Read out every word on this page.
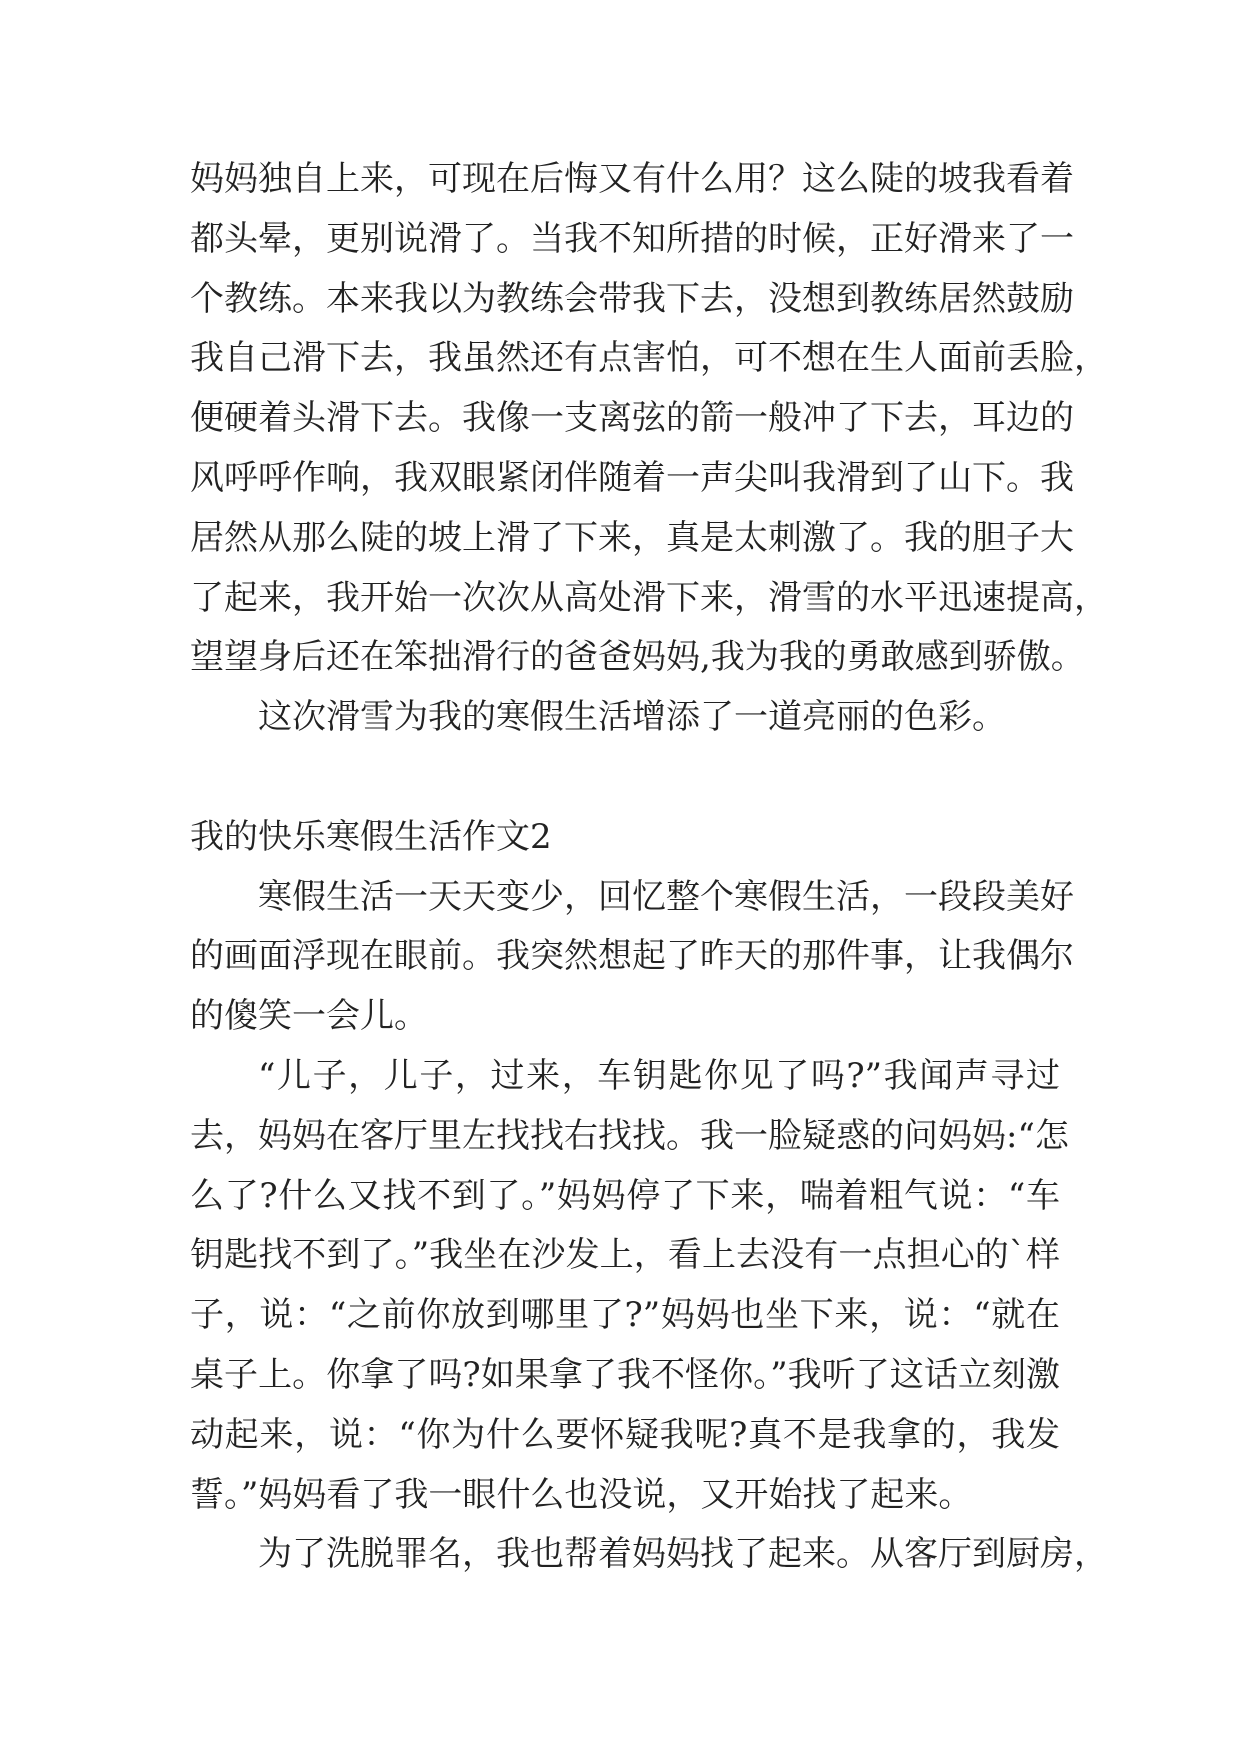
妈妈独自上来，可现在后悔又有什么用？这么陡的坡我看着
都头晕，更别说滑了。当我不知所措的时候，正好滑来了一
个教练。本来我以为教练会带我下去，没想到教练居然鼓励
我自己滑下去，我虽然还有点害怕，可不想在生人面前丢脸，
便硬着头滑下去。我像一支离弦的箭一般冲了下去，耳边的
风呼呼作响，我双眼紧闭伴随着一声尖叫我滑到了山下。我
居然从那么陡的坡上滑了下来，真是太刺激了。我的胆子大
了起来，我开始一次次从高处滑下来，滑雪的水平迅速提高，
望望身后还在笨拙滑行的爸爸妈妈,我为我的勇敢感到骄傲。
这次滑雪为我的寒假生活增添了一道亮丽的色彩。
我的快乐寒假生活作文2
寒假生活一天天变少，回忆整个寒假生活，一段段美好
的画面浮现在眼前。我突然想起了昨天的那件事，让我偶尔
的傻笑一会儿。
“儿子，儿子，过来，车钥匙你见了吗?”我闻声寻过
去，妈妈在客厅里左找找右找找。我一脸疑惑的问妈妈:“怎
么了?什么又找不到了。”妈妈停了下来，喘着粗气说：“车
钥匙找不到了。”我坐在沙发上，看上去没有一点担心的`样
子，说：“之前你放到哪里了?”妈妈也坐下来，说：“就在
桌子上。你拿了吗?如果拿了我不怪你。”我听了这话立刻激
动起来，说：“你为什么要怀疑我呢?真不是我拿的，我发
誓。”妈妈看了我一眼什么也没说，又开始找了起来。
为了洗脱罪名，我也帮着妈妈找了起来。从客厅到厨房，
